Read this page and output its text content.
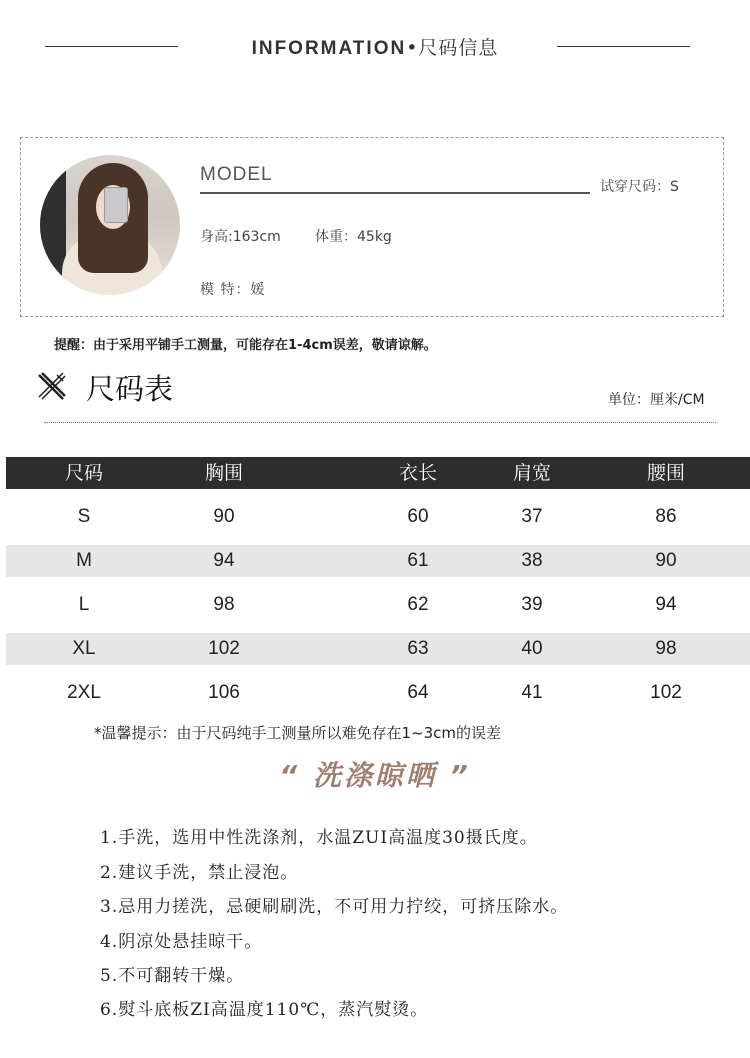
INFORMATION•尺码信息
MODEL
试穿尺码：S
身高:163cm 体重：45kg
模 特：媛
提醒：由于采用平铺手工测量，可能存在1-4cm误差，敬请谅解。
尺码表	单位：厘米/CM
尺码	胸围	衣长	肩宽	腰围
S	90	60	37	86
M	94	61	38	90
L	98	62	39	94
XL	102	63	40	98
2XL	106	64	41	102
*温馨提示：由于尺码纯手工测量所以难免存在1~3cm的误差
“ 洗涤晾晒 ”
1.手洗，选用中性洗涤剂，水温ZUI高温度30摄氏度。
2.建议手洗，禁止浸泡。
3.忌用力搓洗，忌硬刷刷洗，不可用力拧绞，可挤压除水。
4.阴凉处悬挂晾干。
5.不可翻转干燥。
6.熨斗底板ZI高温度110℃，蒸汽熨烫。
